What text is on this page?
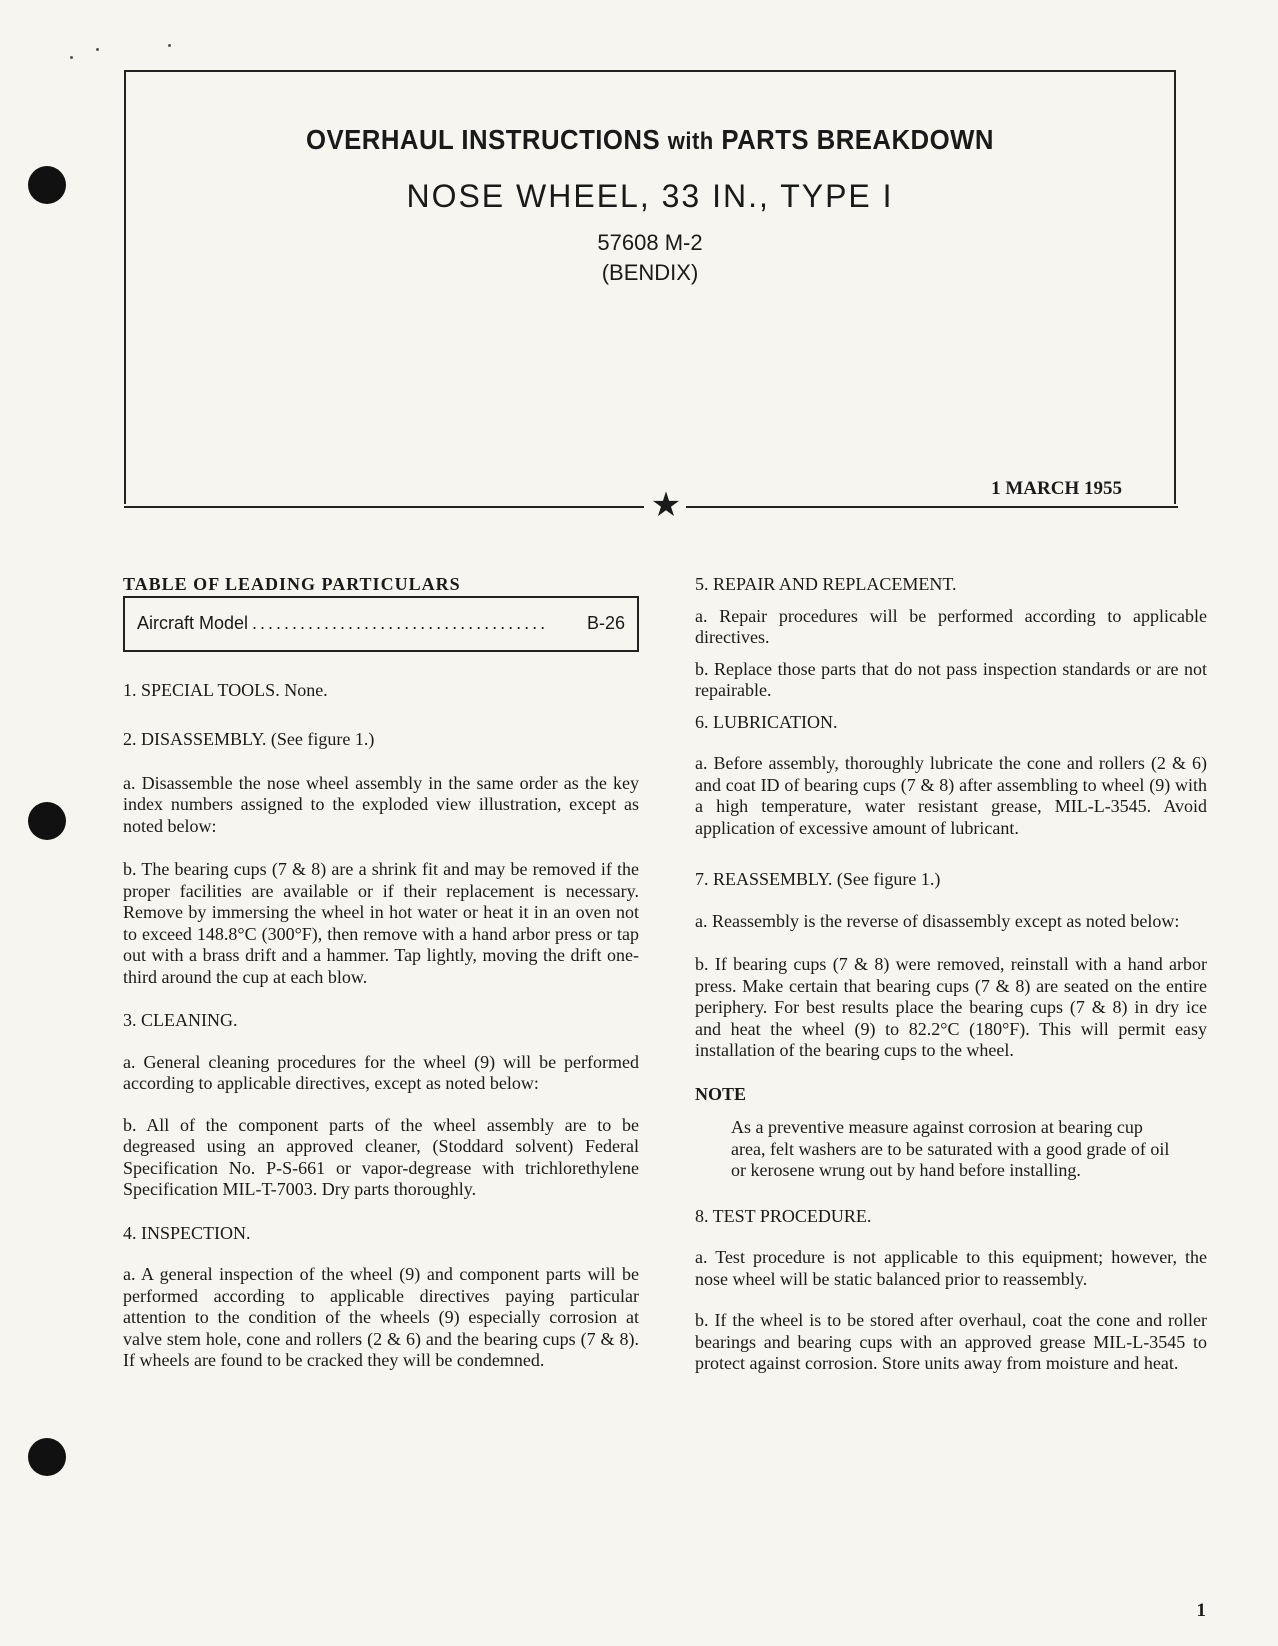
OVERHAUL INSTRUCTIONS with PARTS BREAKDOWN
NOSE WHEEL, 33 IN., TYPE I
57608 M-2
(BENDIX)
1 MARCH 1955
★

TABLE OF LEADING PARTICULARS

Aircraft Model .....................................	B-26

1. SPECIAL TOOLS. None.

2. DISASSEMBLY. (See figure 1.)

a. Disassemble the nose wheel assembly in the same order as the key index numbers assigned to the exploded view illustration, except as noted below:

b. The bearing cups (7 & 8) are a shrink fit and may be removed if the proper facilities are available or if their replacement is necessary. Remove by immersing the wheel in hot water or heat it in an oven not to exceed 148.8°C (300°F), then remove with a hand arbor press or tap out with a brass drift and a hammer. Tap lightly, moving the drift one-third around the cup at each blow.

3. CLEANING.

a. General cleaning procedures for the wheel (9) will be performed according to applicable directives, except as noted below:

b. All of the component parts of the wheel assembly are to be degreased using an approved cleaner, (Stoddard solvent) Federal Specification No. P-S-661 or vapor-degrease with trichlorethylene Specification MIL-T-7003. Dry parts thoroughly.

4. INSPECTION.

a. A general inspection of the wheel (9) and component parts will be performed according to applicable directives paying particular attention to the condition of the wheels (9) especially corrosion at valve stem hole, cone and rollers (2 & 6) and the bearing cups (7 & 8). If wheels are found to be cracked they will be condemned.

5. REPAIR AND REPLACEMENT.

a. Repair procedures will be performed according to applicable directives.

b. Replace those parts that do not pass inspection standards or are not repairable.

6. LUBRICATION.

a. Before assembly, thoroughly lubricate the cone and rollers (2 & 6) and coat ID of bearing cups (7 & 8) after assembling to wheel (9) with a high temperature, water resistant grease, MIL-L-3545. Avoid application of excessive amount of lubricant.

7. REASSEMBLY. (See figure 1.)

a. Reassembly is the reverse of disassembly except as noted below:

b. If bearing cups (7 & 8) were removed, reinstall with a hand arbor press. Make certain that bearing cups (7 & 8) are seated on the entire periphery. For best results place the bearing cups (7 & 8) in dry ice and heat the wheel (9) to 82.2°C (180°F). This will permit easy installation of the bearing cups to the wheel.

NOTE

As a preventive measure against corrosion at bearing cup area, felt washers are to be saturated with a good grade of oil or kerosene wrung out by hand before installing.

8. TEST PROCEDURE.

a. Test procedure is not applicable to this equipment; however, the nose wheel will be static balanced prior to reassembly.

b. If the wheel is to be stored after overhaul, coat the cone and roller bearings and bearing cups with an approved grease MIL-L-3545 to protect against corrosion. Store units away from moisture and heat.

1
